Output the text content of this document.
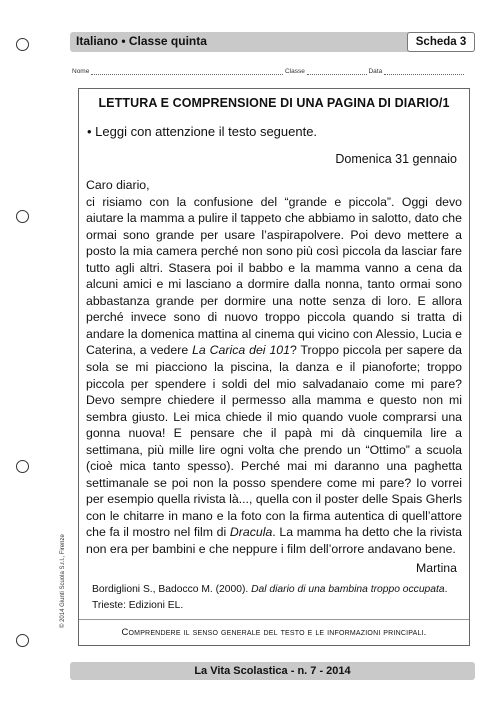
Italiano • Classe quinta	Scheda 3
Nome	Classe	Data
LETTURA E COMPRENSIONE DI UNA PAGINA DI DIARIO/1
• Leggi con attenzione il testo seguente.
Domenica 31 gennaio

Caro diario,

ci risiamo con la confusione del “grande e piccola”. Oggi devo aiutare la mamma a pulire il tappeto che abbiamo in salotto, dato che ormai sono grande per usare l’aspirapolvere. Poi devo mettere a posto la mia camera perché non sono più così piccola da lasciar fare tutto agli altri. Stasera poi il babbo e la mamma vanno a cena da alcuni amici e mi lasciano a dormire dalla nonna, tanto ormai sono abbastanza grande per dormire una notte senza di loro. E allora perché invece sono di nuovo troppo piccola quando si tratta di andare la domenica mattina al cinema qui vicino con Alessio, Lucia e Caterina, a vedere La Carica dei 101? Troppo piccola per sapere da sola se mi piacciono la piscina, la danza e il pianoforte; troppo piccola per spendere i soldi del mio salvadanaio come mi pare? Devo sempre chiedere il permesso alla mamma e questo non mi sembra giusto. Lei mica chiede il mio quando vuole comprarsi una gonna nuova! E pensare che il papà mi dà cinquemila lire a settimana, più mille lire ogni volta che prendo un “Ottimo” a scuola (cioè mica tanto spesso). Perché mai mi daranno una paghetta settimanale se poi non la posso spendere come mi pare? Io vorrei per esempio quella rivista là..., quella con il poster delle Spais Gherls con le chitarre in mano e la foto con la firma autentica di quell’attore che fa il mostro nel film di Dracula. La mamma ha detto che la rivista non era per bambini e che neppure i film dell’orrore andavano bene.

Martina
Bordiglioni S., Badocco M. (2000). Dal diario di una bambina troppo occupata. Trieste: Edizioni EL.
Comprendere il senso generale del testo e le informazioni principali.
© 2014 Giunti Scuola S.r.l., Firenze
La Vita Scolastica - n. 7 - 2014
